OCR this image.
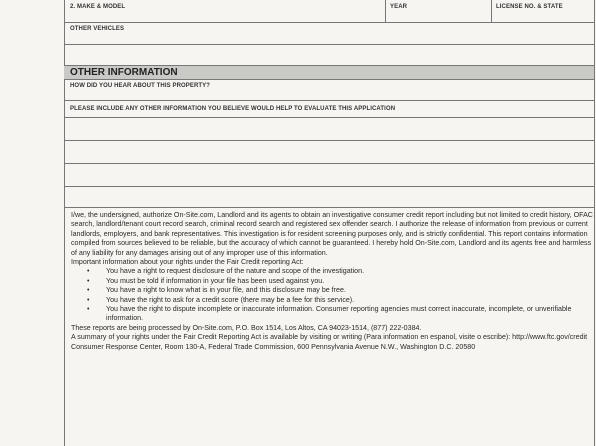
2. MAKE & MODEL	YEAR	LICENSE NO. & STATE
OTHER VEHICLES
OTHER INFORMATION
HOW DID YOU HEAR ABOUT THIS PROPERTY?
PLEASE INCLUDE ANY OTHER INFORMATION YOU BELIEVE WOULD HELP TO EVALUATE THIS APPLICATION

I/we, the undersigned, authorize On-Site.com, Landlord and its agents to obtain an investigative consumer credit report including but not limited to credit history, OFAC search, landlord/tenant court record search, criminal record search and registered sex offender search. I authorize the release of information from previous or current landlords, employers, and bank representatives. This investigation is for resident screening purposes only, and is strictly confidential. This report contains information compiled from sources believed to be reliable, but the accuracy of which cannot be guaranteed. I hereby hold On-Site.com, Landlord and its agents free and harmless of any liability for any damages arising out of any improper use of this information.

Important information about your rights under the Fair Credit reporting Act:

• You have a right to request disclosure of the nature and scope of the investigation.
• You must be told if information in your file has been used against you.
• You have a right to know what is in your file, and this disclosure may be free.
• You have the right to ask for a credit score (there may be a fee for this service).
• You have the right to dispute incomplete or inaccurate information. Consumer reporting agencies must correct inaccurate, incomplete, or unverifiable information.

These reports are being processed by On-Site.com, P.O. Box 1514, Los Altos, CA 94023-1514, (877) 222-0384.

A summary of your rights under the Fair Credit Reporting Act is available by visiting or writing (Para information en espanol, visite o escribe): http://www.ftc.gov/credit

Consumer Response Center, Room 130-A, Federal Trade Commission, 600 Pennsylvania Avenue N.W., Washington D.C. 20580
